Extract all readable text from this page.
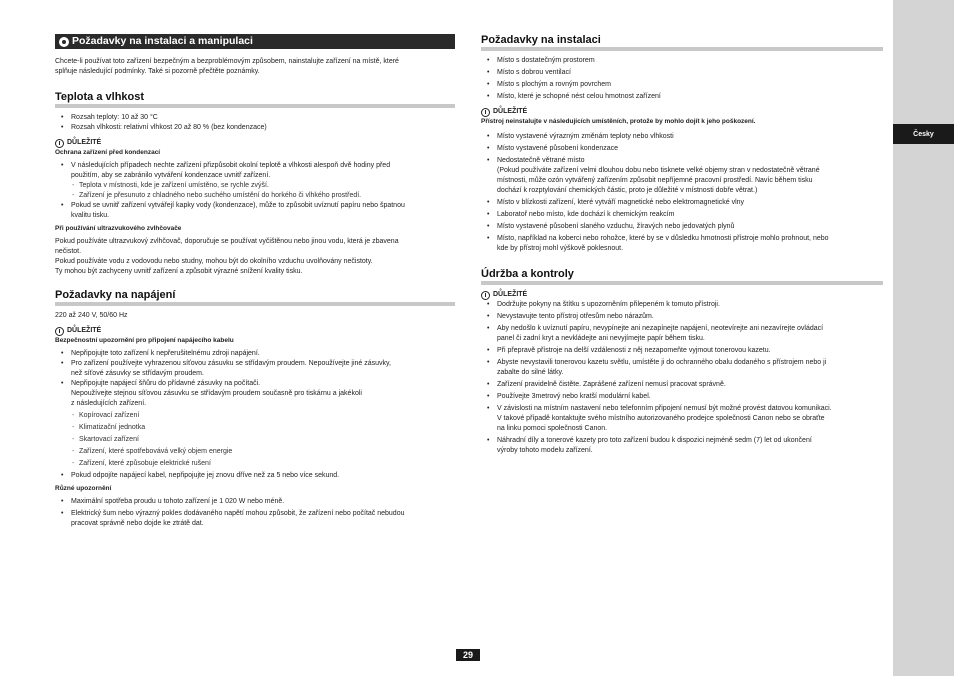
Česky
Požadavky na instalaci a manipulaci

Chcete-li používat toto zařízení bezpečným a bezproblémovým způsobem, nainstalujte zařízení na místě, které

splňuje následující podmínky. Také si pozorně přečtěte poznámky.

Teplota a vlhkost
• Rozsah teploty: 10 až 30 °C
• Rozsah vlhkosti: relativní vlhkost 20 až 80 % (bez kondenzace)
DŮLEŽITÉ
Ochrana zařízení před kondenzací
• V následujících případech nechte zařízení přizpůsobit okolní teplotě a vlhkosti alespoň dvě hodiny před
použitím, aby se zabránilo vytváření kondenzace uvnitř zařízení.
- Teplota v místnosti, kde je zařízení umístěno, se rychle zvýší.
- Zařízení je přesunuto z chladného nebo suchého umístění do horkého či vlhkého prostředí.
• Pokud se uvnitř zařízení vytvářejí kapky vody (kondenzace), může to způsobit uvíznutí papíru nebo špatnou
kvalitu tisku.
Při používání ultrazvukového zvlhčovače

Pokud používáte ultrazvukový zvlhčovač, doporučuje se používat vyčištěnou nebo jinou vodu, která je zbavena

nečistot.

Pokud používáte vodu z vodovodu nebo studny, mohou být do okolního vzduchu uvolňovány nečistoty.

Ty mohou být zachyceny uvnitř zařízení a způsobit výrazné snížení kvality tisku.

Požadavky na napájení

220 až 240 V, 50/60 Hz

DŮLEŽITÉ
Bezpečnostní upozornění pro připojení napájecího kabelu
• Nepřipojujte toto zařízení k nepřerušitelnému zdroji napájení.
• Pro zařízení používejte vyhrazenou síťovou zásuvku se střídavým proudem. Nepoužívejte jiné zásuvky,
než síťové zásuvky se střídavým proudem.
• Nepřipojujte napájecí šňůru do přídavné zásuvky na počítači.
Nepoužívejte stejnou síťovou zásuvku se střídavým proudem současně pro tiskárnu a jakékoli
z následujících zařízení.
- Kopírovací zařízení
- Klimatizační jednotka
- Skartovací zařízení
- Zařízení, které spotřebovává velký objem energie
- Zařízení, které způsobuje elektrické rušení
• Pokud odpojíte napájecí kabel, nepřipojujte jej znovu dříve než za 5 nebo více sekund.
Různé upozornění
• Maximální spotřeba proudu u tohoto zařízení je 1 020 W nebo méně.
• Elektrický šum nebo výrazný pokles dodávaného napětí mohou způsobit, že zařízení nebo počítač nebudou
pracovat správně nebo dojde ke ztrátě dat.
Požadavky na instalaci
• Místo s dostatečným prostorem
• Místo s dobrou ventilací
• Místo s plochým a rovným povrchem
• Místo, které je schopné nést celou hmotnost zařízení
DŮLEŽITÉ
Přístroj neinstalujte v následujících umístěních, protože by mohlo dojít k jeho poškození.
• Místo vystavené výrazným změnám teploty nebo vlhkosti
• Místo vystavené působení kondenzace
• Nedostatečně větrané místo
(Pokud používáte zařízení velmi dlouhou dobu nebo tisknete velké objemy stran v nedostatečně větrané
místnosti, může ozón vytvářený zařízením způsobit nepříjemné pracovní prostředí. Navíc během tisku
dochází k rozptylování chemických částic, proto je důležité v místnosti dobře větrat.)
• Místo v blízkosti zařízení, které vytváří magnetické nebo elektromagnetické vlny
• Laboratoř nebo místo, kde dochází k chemickým reakcím
• Místo vystavené působení slaného vzduchu, žíravých nebo jedovatých plynů
• Místo, například na koberci nebo rohožce, které by se v důsledku hmotnosti přístroje mohlo prohnout, nebo
kde by přístroj mohl výškově poklesnout.
Údržba a kontroly
DŮLEŽITÉ
• Dodržujte pokyny na štítku s upozorněním přilepeném k tomuto přístroji.
• Nevystavujte tento přístroj otřesům nebo nárazům.
• Aby nedošlo k uvíznutí papíru, nevypínejte ani nezapínejte napájení, neotevírejte ani nezavírejte ovládací
panel či zadní kryt a nevkládejte ani nevyjímejte papír během tisku.
• Při přepravě přístroje na delší vzdálenosti z něj nezapomeňte vyjmout tonerovou kazetu.
• Abyste nevystavili tonerovou kazetu světlu, umístěte ji do ochranného obalu dodaného s přístrojem nebo ji
zabalte do silné látky.
• Zařízení pravidelně čistěte. Zaprášené zařízení nemusí pracovat správně.
• Používejte 3metrový nebo kratší modulární kabel.
• V závislosti na místním nastavení nebo telefonním připojení nemusí být možné provést datovou komunikaci.
V takové případě kontaktujte svého místního autorizovaného prodejce společnosti Canon nebo se obraťte
na linku pomoci společnosti Canon.
• Náhradní díly a tonerové kazety pro toto zařízení budou k dispozici nejméně sedm (7) let od ukončení
výroby tohoto modelu zařízení.
29
